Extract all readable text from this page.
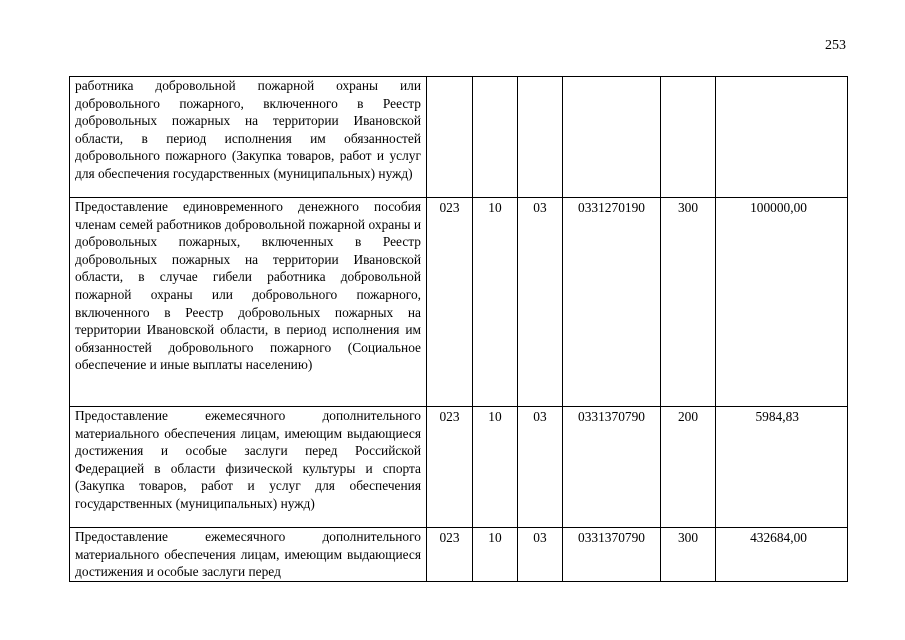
253
работника добровольной пожарной охраны или добровольного пожарного, включенного в Реестр добровольных пожарных на территории Ивановской области, в период исполнения им обязанностей добровольного пожарного (Закупка товаров, работ и услуг для обеспечения государственных (муниципальных) нужд)						
Предоставление единовременного денежного пособия членам семей работников добровольной пожарной охраны и добровольных пожарных, включенных в Реестр добровольных пожарных на территории Ивановской области, в случае гибели работника добровольной пожарной охраны или добровольного пожарного, включенного в Реестр добровольных пожарных на территории Ивановской области, в период исполнения им обязанностей добровольного пожарного (Социальное обеспечение и иные выплаты населению)	023	10	03	0331270190	300	100000,00
Предоставление ежемесячного дополнительного материального обеспечения лицам, имеющим выдающиеся достижения и особые заслуги перед Российской Федерацией в области физической культуры и спорта (Закупка товаров, работ и услуг для обеспечения государственных (муниципальных) нужд)	023	10	03	0331370790	200	5984,83
Предоставление ежемесячного дополнительного материального обеспечения лицам, имеющим выдающиеся достижения и особые заслуги перед	023	10	03	0331370790	300	432684,00
